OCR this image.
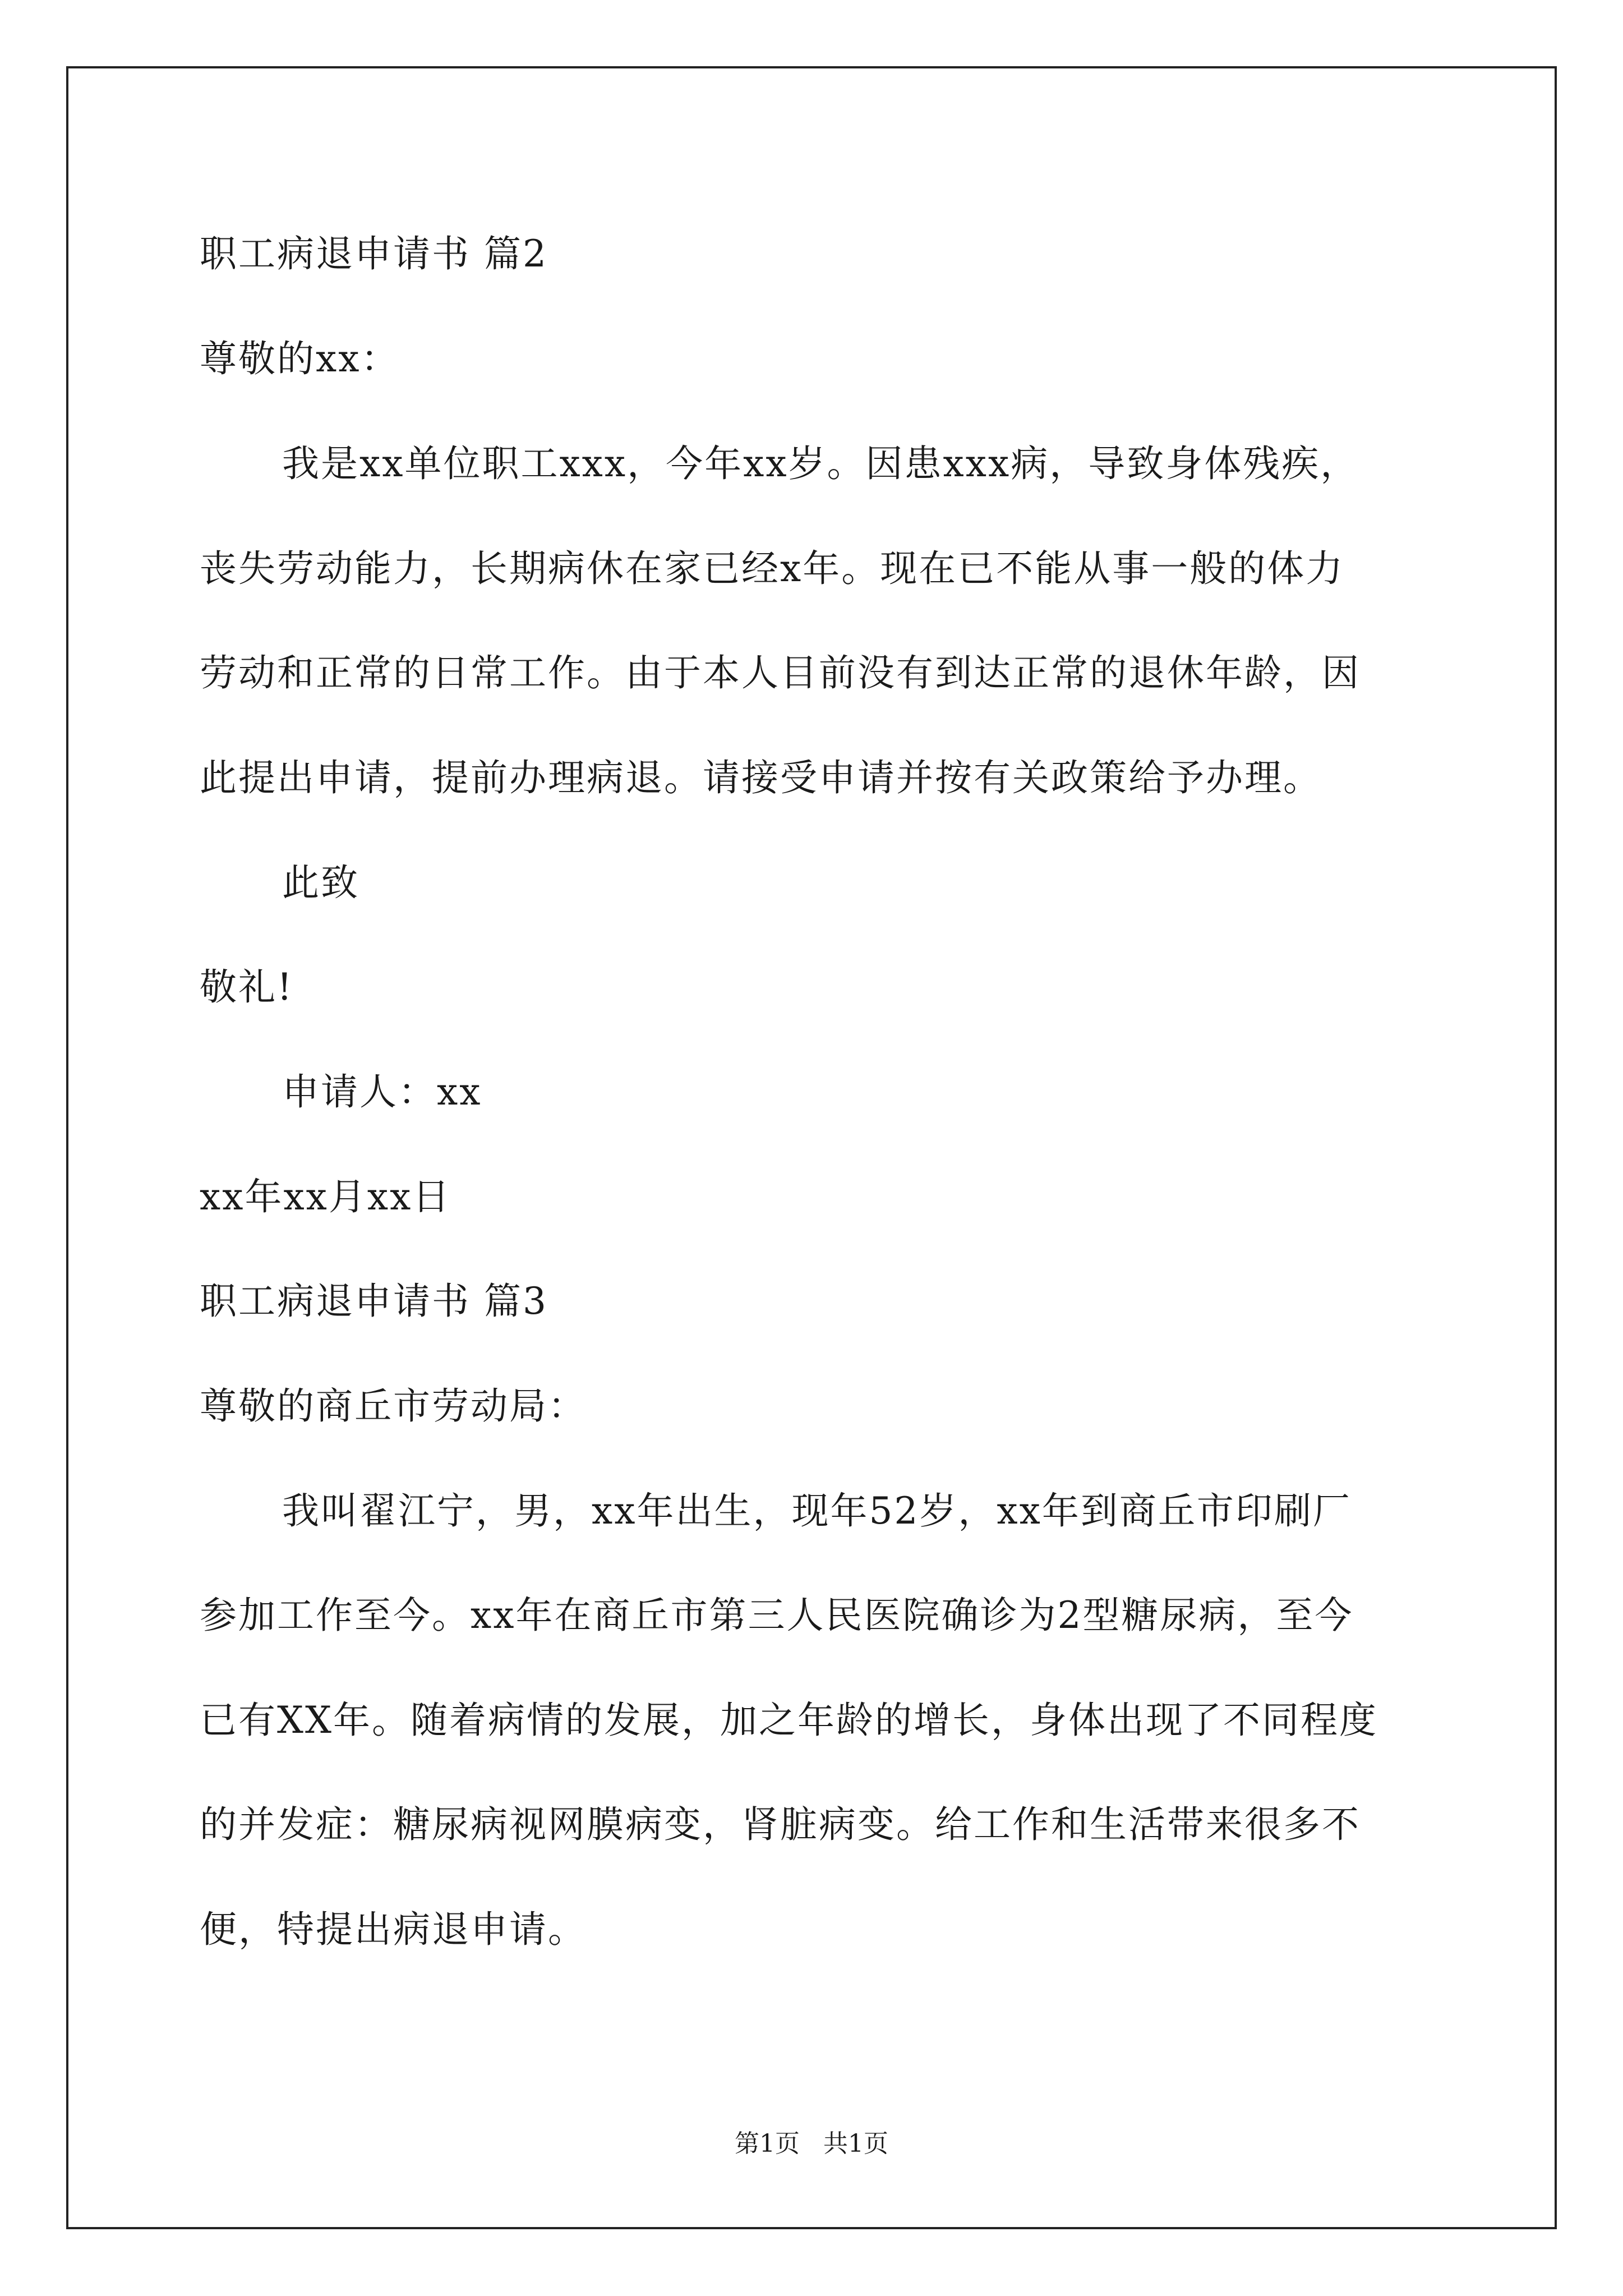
职工病退申请书 篇2
尊敬的xx：
我是xx单位职工xxx，今年xx岁。因患xxx病，导致身体残疾，
丧失劳动能力，长期病休在家已经x年。现在已不能从事一般的体力
劳动和正常的日常工作。由于本人目前没有到达正常的退休年龄，因
此提出申请，提前办理病退。请接受申请并按有关政策给予办理。
此致
敬礼!
申请人：xx
xx年xx月xx日
职工病退申请书 篇3
尊敬的商丘市劳动局：
我叫翟江宁，男，xx年出生，现年52岁，xx年到商丘市印刷厂
参加工作至今。xx年在商丘市第三人民医院确诊为2型糖尿病，至今
已有XX年。随着病情的发展，加之年龄的增长，身体出现了不同程度
的并发症：糖尿病视网膜病变，肾脏病变。给工作和生活带来很多不
便，特提出病退申请。
第1页   共1页
